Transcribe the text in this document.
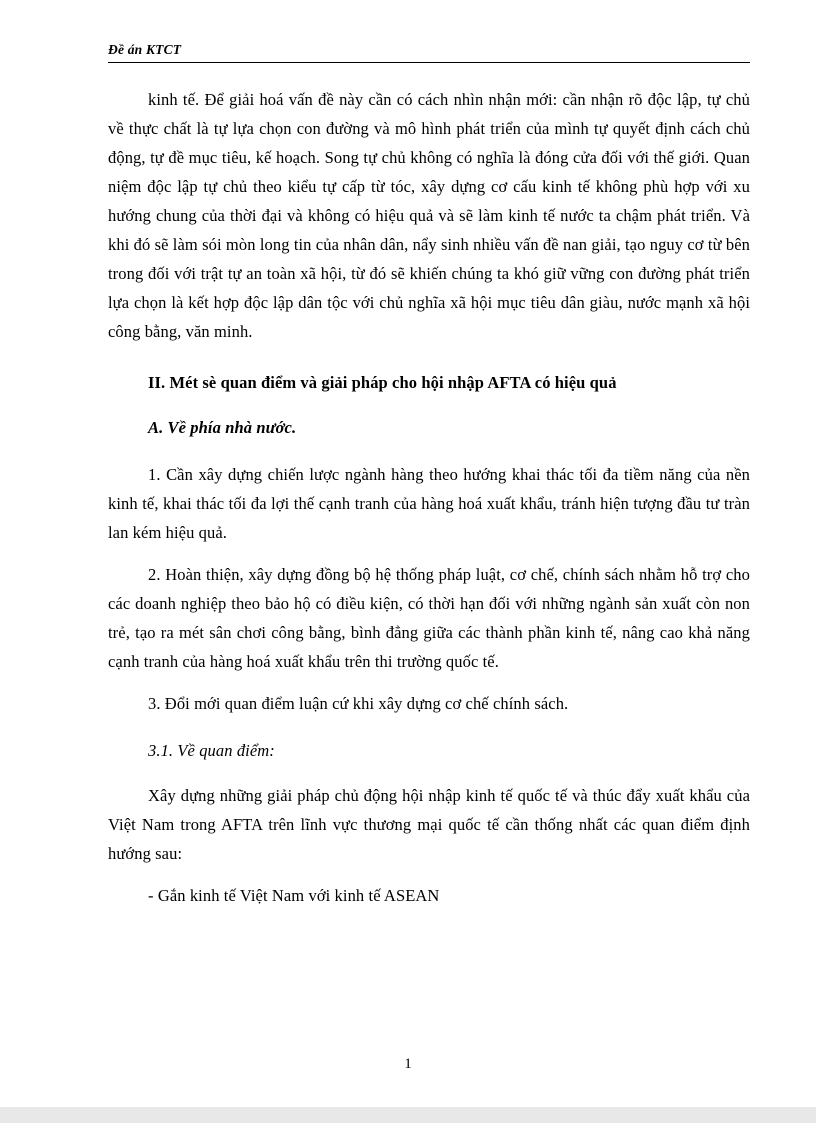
Đề án KTCT

kinh tế. Để giải hoá vấn đề này cần có cách nhìn nhận mới: cần nhận rõ độc lập, tự chủ về thực chất là tự lựa chọn con đường và mô hình phát triển của mình tự quyết định cách chủ động, tự đề mục tiêu, kế hoạch. Song tự chủ không có nghĩa là đóng cửa đối với thế giới. Quan niệm độc lập tự chủ theo kiểu tự cấp từ tóc, xây dựng cơ cấu kinh tế không phù hợp với xu hướng chung của thời đại và không có hiệu quả và sẽ làm kinh tế nước ta chậm phát triển. Và khi đó sẽ làm sói mòn long tin của nhân dân, nẩy sinh nhiều vấn đề nan giải, tạo nguy cơ từ bên trong đối với trật tự an toàn xã hội, từ đó sẽ khiến chúng ta khó giữ vững con đường phát triển lựa chọn là kết hợp độc lập dân tộc với chủ nghĩa xã hội mục tiêu dân giàu, nước mạnh xã hội công bằng, văn minh.

II. Mét sè quan điểm và giải pháp cho hội nhập AFTA có hiệu quả

A. Về phía nhà nước.

1. Cần xây dựng chiến lược ngành hàng theo hướng khai thác tối đa tiềm năng của nền kinh tế, khai thác tối đa lợi thế cạnh tranh của hàng hoá xuất khẩu, tránh hiện tượng đầu tư tràn lan kém hiệu quả.

2. Hoàn thiện, xây dựng đồng bộ hệ thống pháp luật, cơ chế, chính sách nhằm hỗ trợ cho các doanh nghiệp theo bảo hộ có điều kiện, có thời hạn đối với những ngành sản xuất còn non trẻ, tạo ra mét sân chơi công bằng, bình đẳng giữa các thành phần kinh tế, nâng cao khả năng cạnh tranh của hàng hoá xuất khẩu trên thi trường quốc tế.

3. Đổi mới quan điểm luận cứ khi xây dựng cơ chế chính sách.

3.1. Về quan điểm:

Xây dựng những giải pháp chủ động hội nhập kinh tế quốc tế và thúc đẩy xuất khẩu của Việt Nam trong AFTA trên lĩnh vực thương mại quốc tế cần thống nhất các quan điểm định hướng sau:

- Gắn kinh tế Việt Nam với kinh tế ASEAN

1
